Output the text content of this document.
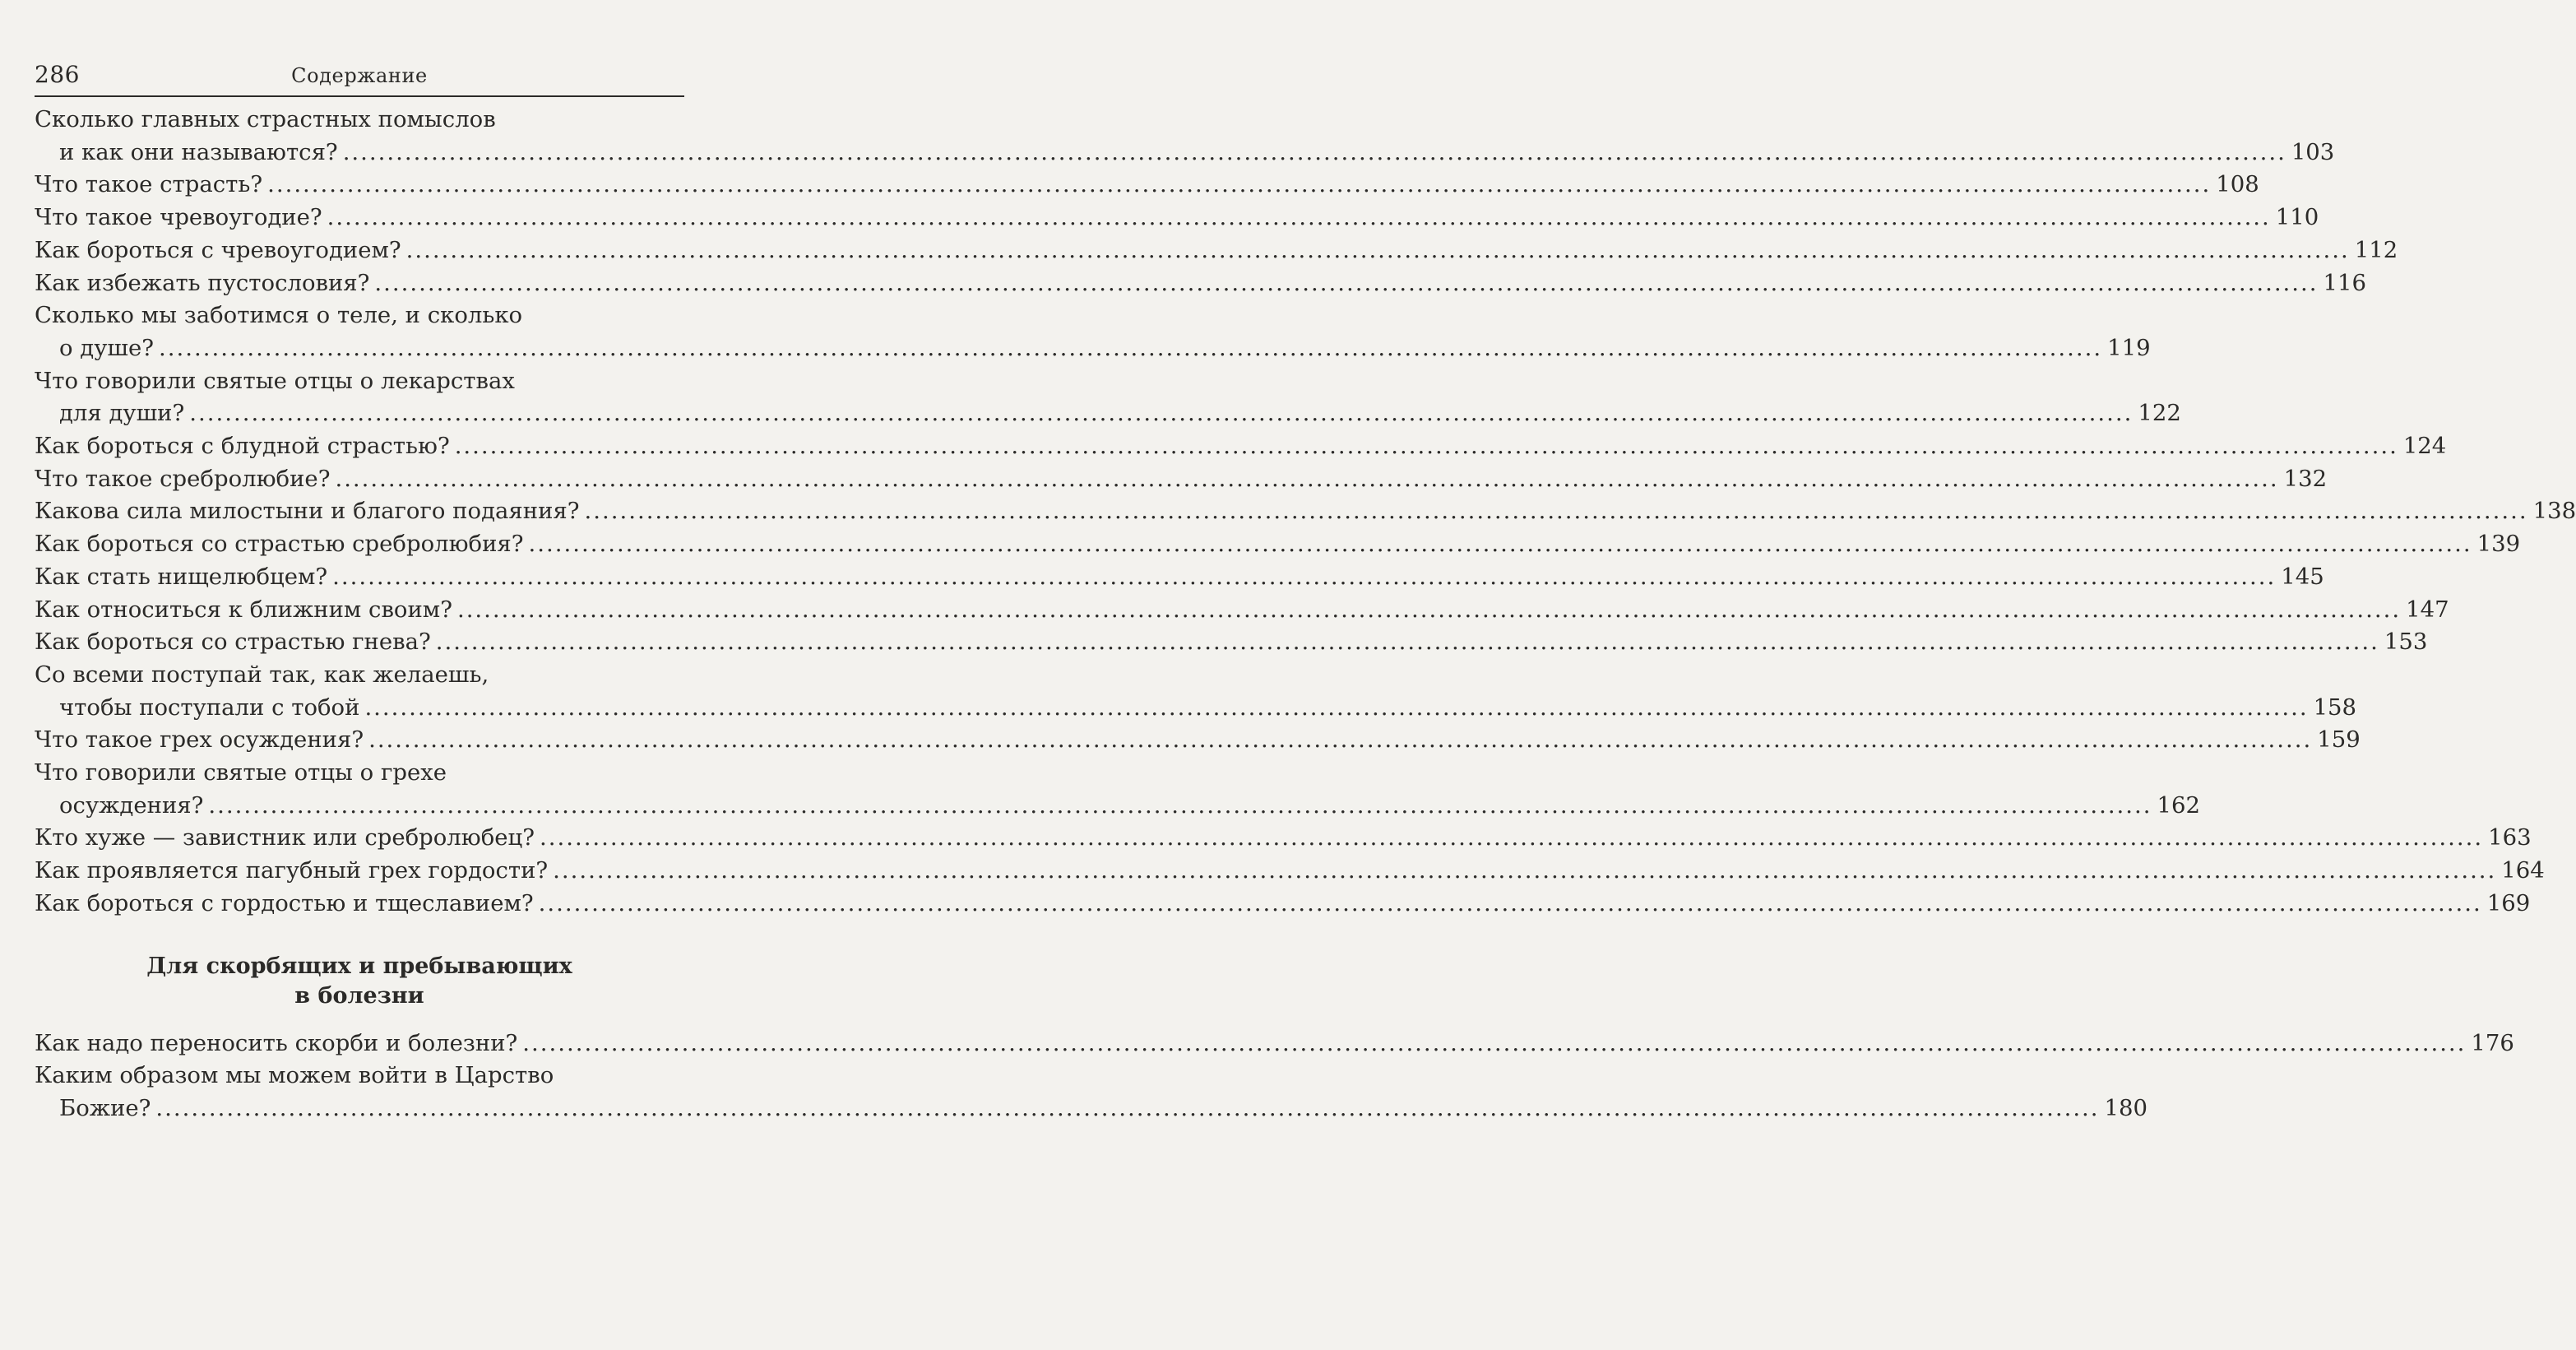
286	Содержание
Сколько главных страстных помыслов
и как они называются? ............................................................................................................................................................................................................................ 103
Что такое страсть? ............................................................................................................................................................................................................................ 108
Что такое чревоугодие? ............................................................................................................................................................................................................................ 110
Как бороться с чревоугодием? ............................................................................................................................................................................................................................ 112
Как избежать пустословия? ............................................................................................................................................................................................................................ 116
Сколько мы заботимся о теле, и сколько
о душе? ............................................................................................................................................................................................................................ 119
Что говорили святые отцы о лекарствах
для души? ............................................................................................................................................................................................................................ 122
Как бороться с блудной страстью? ............................................................................................................................................................................................................................ 124
Что такое сребролюбие? ............................................................................................................................................................................................................................ 132
Какова сила милостыни и благого подаяния? ............................................................................................................................................................................................................................ 138
Как бороться со страстью сребролюбия? ............................................................................................................................................................................................................................ 139
Как стать нищелюбцем? ............................................................................................................................................................................................................................ 145
Как относиться к ближним своим? ............................................................................................................................................................................................................................ 147
Как бороться со страстью гнева? ............................................................................................................................................................................................................................ 153
Со всеми поступай так, как желаешь,
чтобы поступали с тобой ............................................................................................................................................................................................................................ 158
Что такое грех осуждения? ............................................................................................................................................................................................................................ 159
Что говорили святые отцы о грехе
осуждения? ............................................................................................................................................................................................................................ 162
Кто хуже — завистник или сребролюбец? ............................................................................................................................................................................................................................ 163
Как проявляется пагубный грех гордости? ............................................................................................................................................................................................................................ 164
Как бороться с гордостью и тщеславием? ............................................................................................................................................................................................................................ 169
Для скорбящих и пребывающих
в болезни
Как надо переносить скорби и болезни? ............................................................................................................................................................................................................................ 176
Каким образом мы можем войти в Царство
Божие? ............................................................................................................................................................................................................................ 180
